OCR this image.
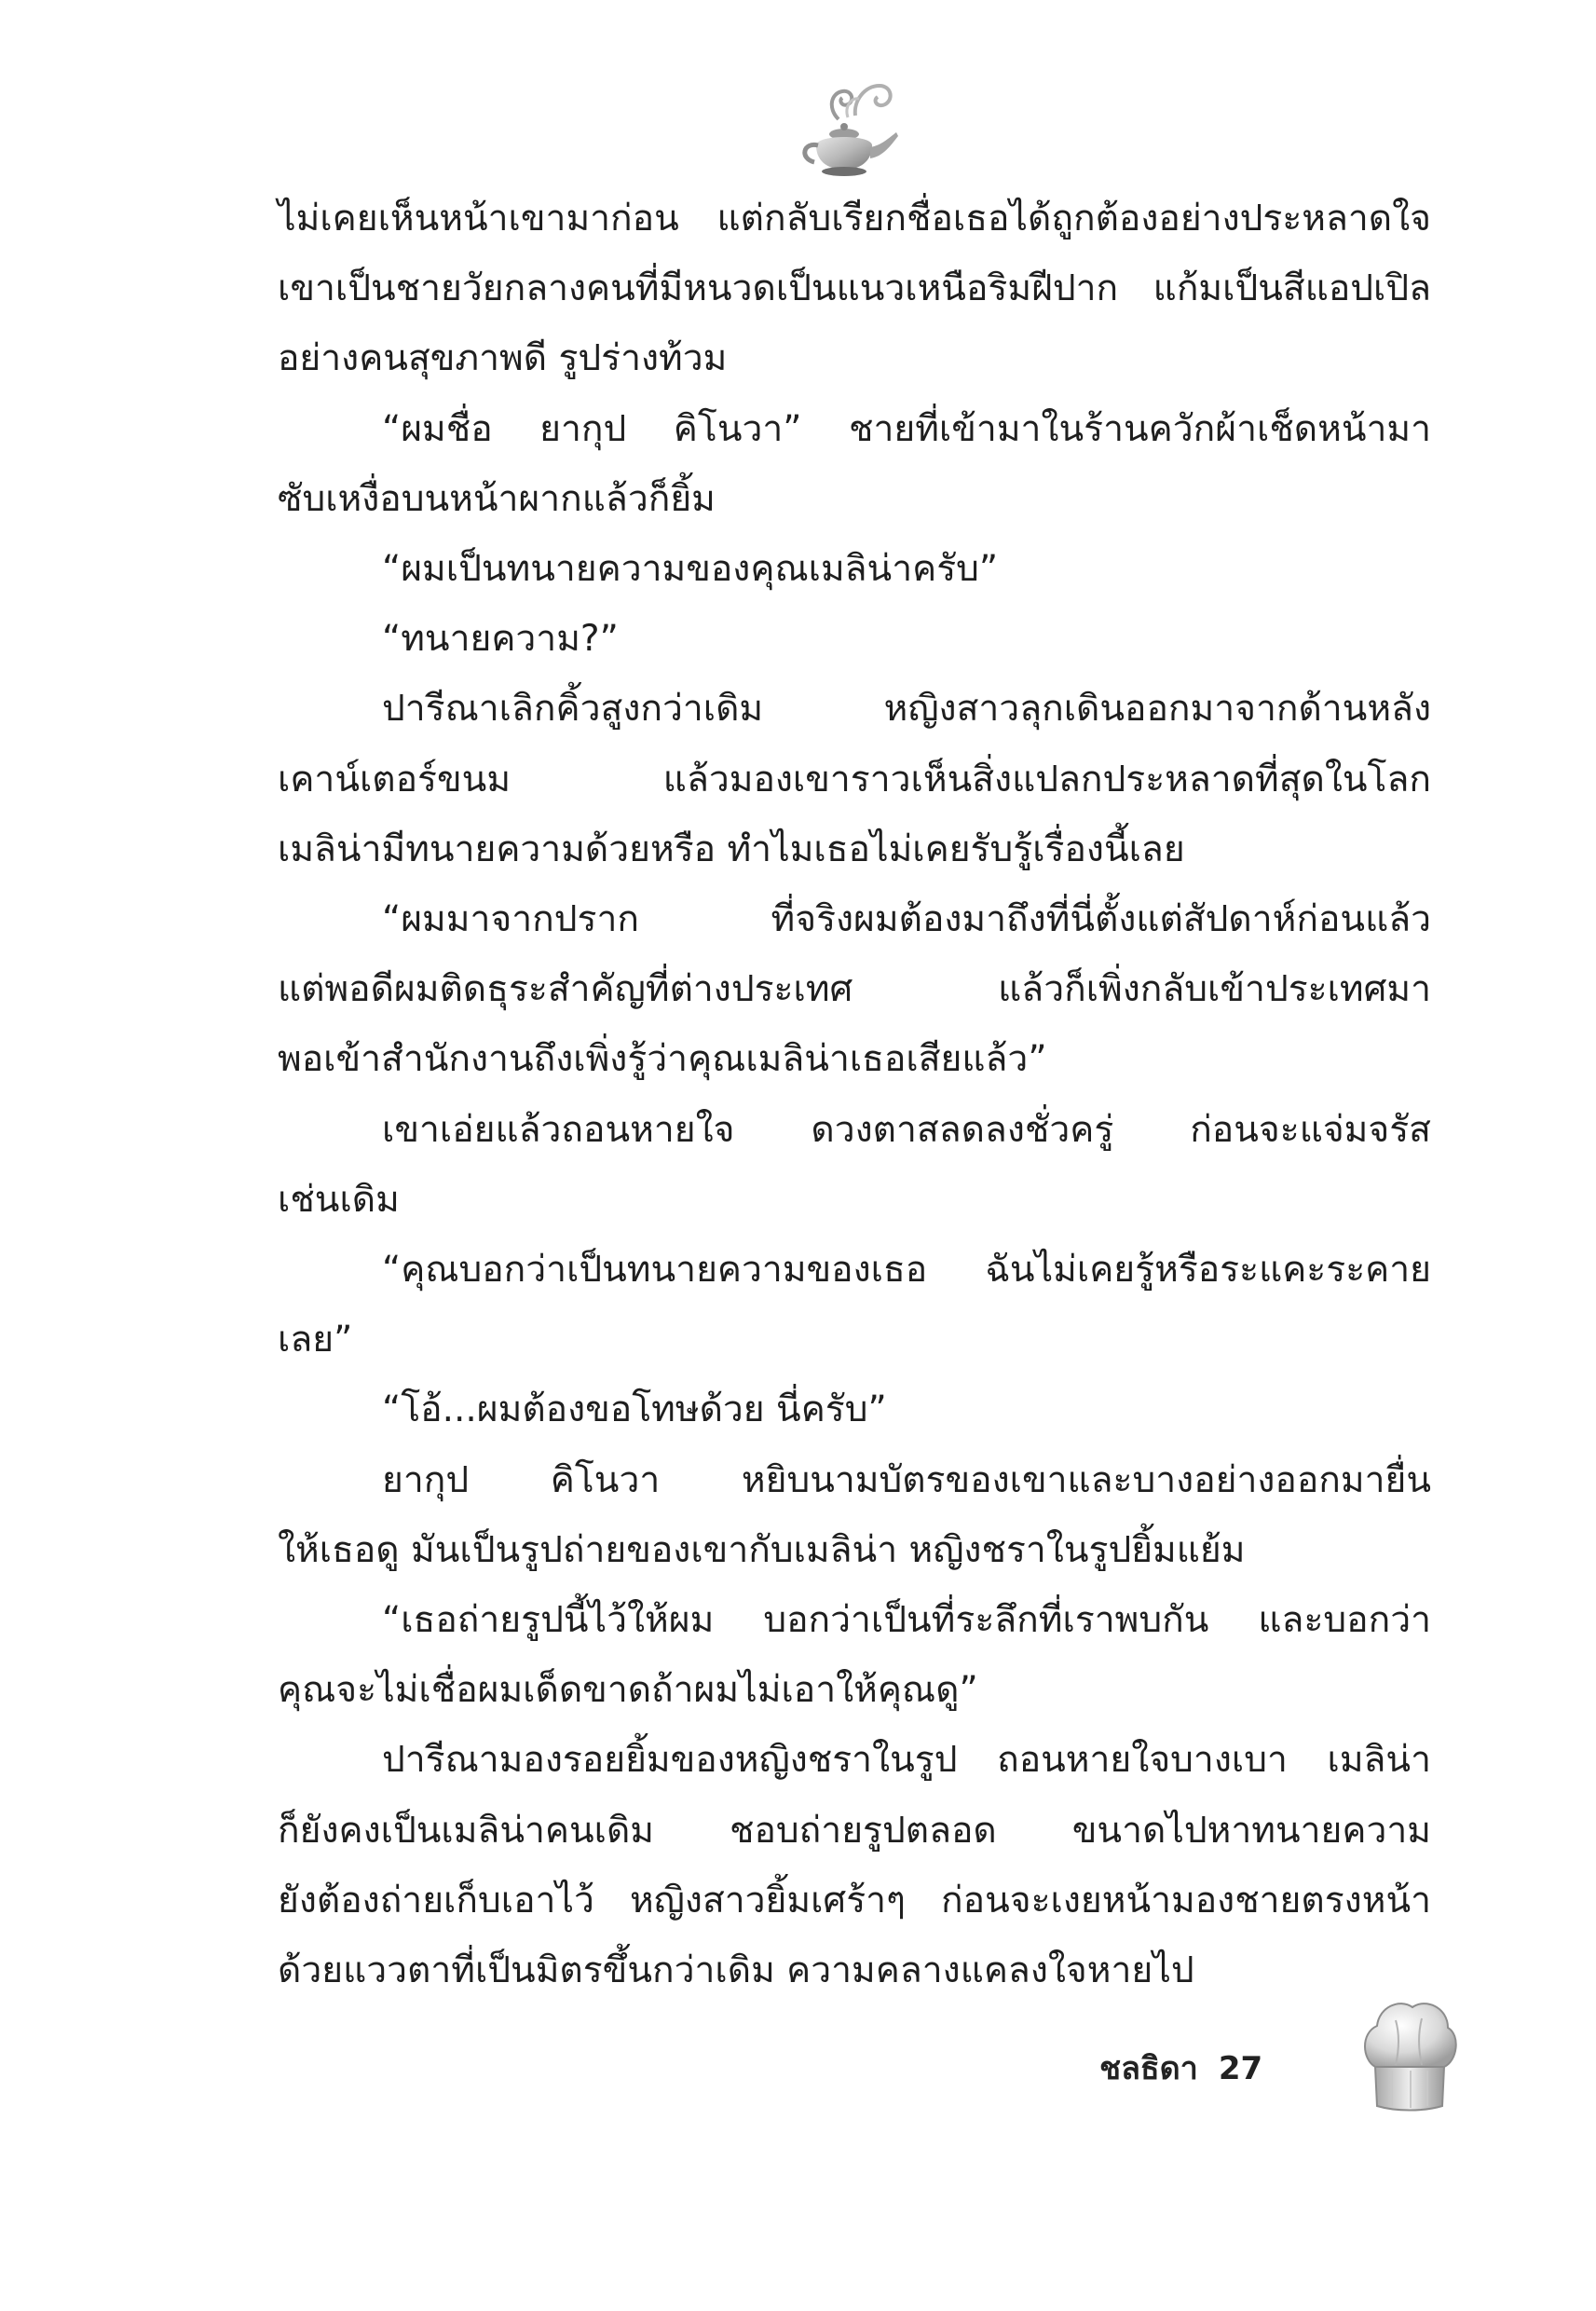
ไม่เคยเห็นหน้าเขามาก่อน แต่กลับเรียกชื่อเธอได้ถูกต้องอย่างประหลาดใจ
เขาเป็นชายวัยกลางคนที่มีหนวดเป็นแนวเหนือริมฝีปาก แก้มเป็นสีแอปเปิล
อย่างคนสุขภาพดี รูปร่างท้วม
“ผมชื่อ ยากุป คิโนวา” ชายที่เข้ามาในร้านควักผ้าเช็ดหน้ามา
ซับเหงื่อบนหน้าผากแล้วก็ยิ้ม
“ผมเป็นทนายความของคุณเมลิน่าครับ”
“ทนายความ?”
ปารีณาเลิกคิ้วสูงกว่าเดิม หญิงสาวลุกเดินออกมาจากด้านหลัง
เคาน์เตอร์ขนม แล้วมองเขาราวเห็นสิ่งแปลกประหลาดที่สุดในโลก
เมลิน่ามีทนายความด้วยหรือ ทำไมเธอไม่เคยรับรู้เรื่องนี้เลย
“ผมมาจากปราก ที่จริงผมต้องมาถึงที่นี่ตั้งแต่สัปดาห์ก่อนแล้ว
แต่พอดีผมติดธุระสำคัญที่ต่างประเทศ แล้วก็เพิ่งกลับเข้าประเทศมา
พอเข้าสำนักงานถึงเพิ่งรู้ว่าคุณเมลิน่าเธอเสียแล้ว”
เขาเอ่ยแล้วถอนหายใจ ดวงตาสลดลงชั่วครู่ ก่อนจะแจ่มจรัส
เช่นเดิม
“คุณบอกว่าเป็นทนายความของเธอ ฉันไม่เคยรู้หรือระแคะระคาย
เลย”
“โอ้...ผมต้องขอโทษด้วย นี่ครับ”
ยากุป คิโนวา หยิบนามบัตรของเขาและบางอย่างออกมายื่น
ให้เธอดู มันเป็นรูปถ่ายของเขากับเมลิน่า หญิงชราในรูปยิ้มแย้ม
“เธอถ่ายรูปนี้ไว้ให้ผม บอกว่าเป็นที่ระลึกที่เราพบกัน และบอกว่า
คุณจะไม่เชื่อผมเด็ดขาดถ้าผมไม่เอาให้คุณดู”
ปารีณามองรอยยิ้มของหญิงชราในรูป ถอนหายใจบางเบา เมลิน่า
ก็ยังคงเป็นเมลิน่าคนเดิม ชอบถ่ายรูปตลอด ขนาดไปหาทนายความ
ยังต้องถ่ายเก็บเอาไว้ หญิงสาวยิ้มเศร้าๆ ก่อนจะเงยหน้ามองชายตรงหน้า
ด้วยแววตาที่เป็นมิตรขึ้นกว่าเดิม ความคลางแคลงใจหายไป
ชลธิดา 27
